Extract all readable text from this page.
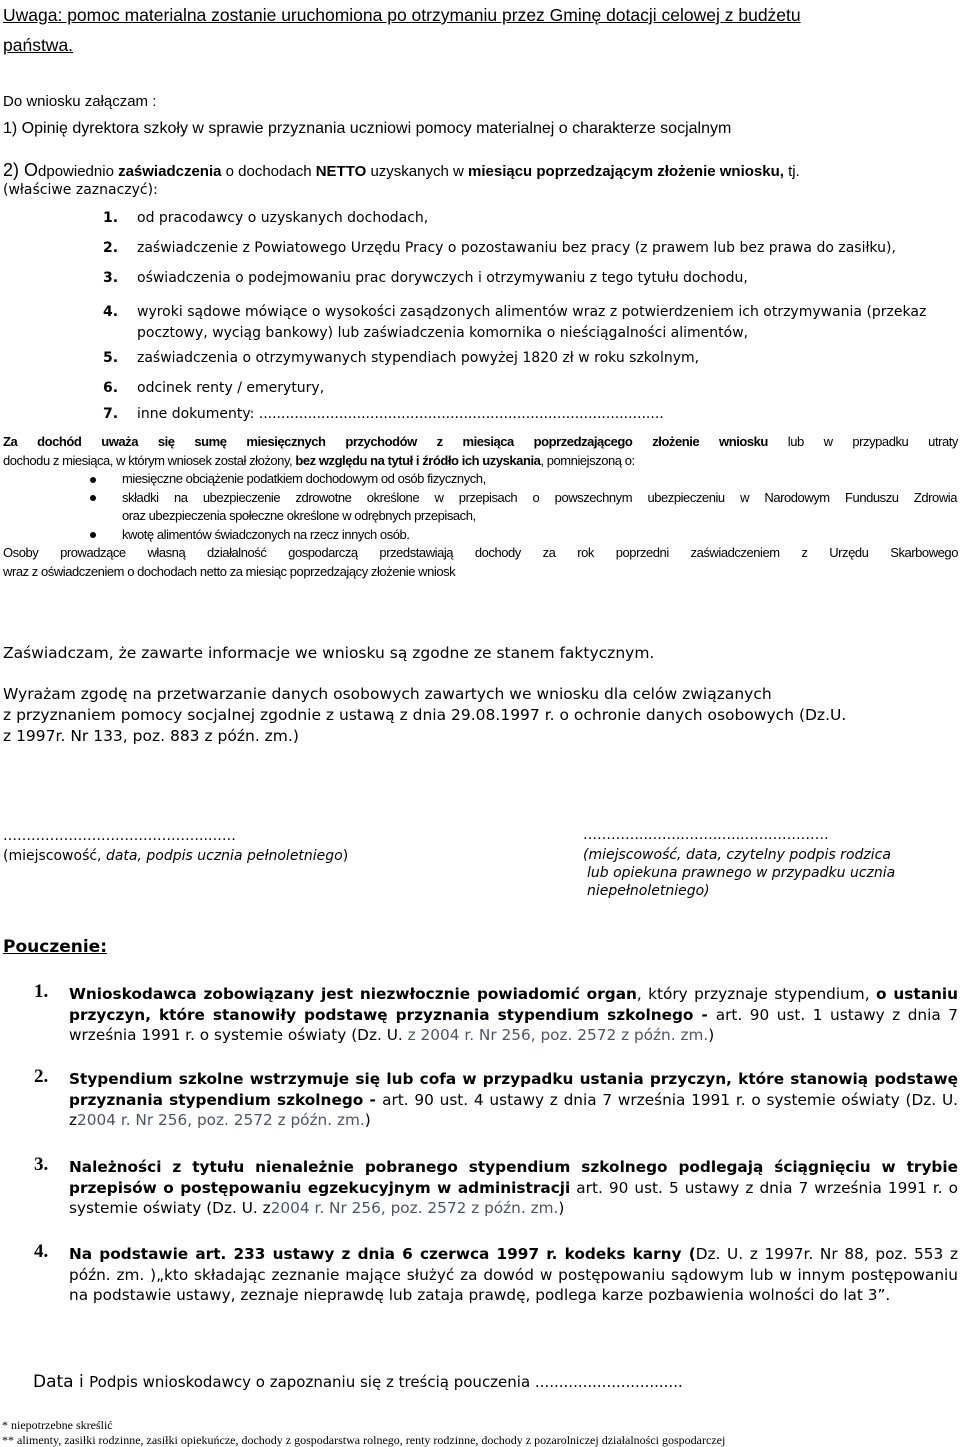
Uwaga: pomoc materialna zostanie uruchomiona po otrzymaniu przez Gminę dotacji celowej z budżetu
państwa.
Do wniosku załączam :
1) Opinię dyrektora szkoły w sprawie przyznania uczniowi pomocy materialnej o charakterze socjalnym
2) Odpowiednio zaświadczenia o dochodach NETTO uzyskanych w miesiącu poprzedzającym złożenie wniosku, tj.
(właściwe zaznaczyć):
1. od pracodawcy o uzyskanych dochodach,
2. zaświadczenie z Powiatowego Urzędu Pracy o pozostawaniu bez pracy (z prawem lub bez prawa do zasiłku),
3. oświadczenia o podejmowaniu prac dorywczych i otrzymywaniu z tego tytułu dochodu,
4. wyroki sądowe mówiące o wysokości zasądzonych alimentów wraz z potwierdzeniem ich otrzymywania (przekaz pocztowy, wyciąg bankowy) lub zaświadczenia komornika o nieściągalności alimentów,
5. zaświadczenia o otrzymywanych stypendiach powyżej 1820 zł w roku szkolnym,
6. odcinek renty / emerytury,
7. inne dokumenty: ...........................................................................................

Za dochód uważa się sumę miesięcznych przychodów z miesiąca poprzedzającego złożenie wniosku lub w przypadku utraty

dochodu z miesiąca, w którym wniosek został złożony, bez względu na tytuł i źródło ich uzyskania, pomniejszoną o:

miesięczne obciążenie podatkiem dochodowym od osób fizycznych,
składki na ubezpieczenie zdrowotne określone w przepisach o powszechnym ubezpieczeniu w Narodowym Funduszu Zdrowia
oraz ubezpieczenia społeczne określone w odrębnych przepisach,
kwotę alimentów świadczonych na rzecz innych osób.

Osoby prowadzące własną działalność gospodarczą przedstawiają dochody za rok poprzedni zaświadczeniem z Urzędu Skarbowego

wraz z oświadczeniem o dochodach netto za miesiąc poprzedzający złożenie wniosk

Zaświadczam, że zawarte informacje we wniosku są zgodne ze stanem faktycznym.
Wyrażam zgodę na przetwarzanie danych osobowych zawartych we wniosku dla celów związanych
z przyznaniem pomocy socjalnej zgodnie z ustawą z dnia 29.08.1997 r. o ochronie danych osobowych (Dz.U.
z 1997r. Nr 133, poz. 883 z późn. zm.)
……………………………………..……
(miejscowość, data, podpis ucznia pełnoletniego)
…………..……..……..…..………………
(miejscowość, data, czytelny podpis rodzica
lub opiekuna prawnego w przypadku ucznia
niepełnoletniego)
Pouczenie:
1. Wnioskodawca zobowiązany jest niezwłocznie powiadomić organ, który przyznaje stypendium, o ustaniu przyczyn, które stanowiły podstawę przyznania stypendium szkolnego - art. 90 ust. 1 ustawy z dnia 7 września 1991 r. o systemie oświaty (Dz. U. z 2004 r. Nr 256, poz. 2572 z późn. zm.)
2. Stypendium szkolne wstrzymuje się lub cofa w przypadku ustania przyczyn, które stanowią podstawę przyznania stypendium szkolnego - art. 90 ust. 4 ustawy z dnia 7 września 1991 r. o systemie oświaty (Dz. U. z2004 r. Nr 256, poz. 2572 z późn. zm.)
3. Należności z tytułu nienależnie pobranego stypendium szkolnego podlegają ściągnięciu w trybie przepisów o postępowaniu egzekucyjnym w administracji art. 90 ust. 5 ustawy z dnia 7 września 1991 r. o systemie oświaty (Dz. U. z2004 r. Nr 256, poz. 2572 z późn. zm.)
4. Na podstawie art. 233 ustawy z dnia 6 czerwca 1997 r. kodeks karny (Dz. U. z 1997r. Nr 88, poz. 553 z późn. zm. )„kto składając zeznanie mające służyć za dowód w postępowaniu sądowym lub w innym postępowaniu na podstawie ustawy, zeznaje nieprawdę lub zataja prawdę, podlega karze pozbawienia wolności do lat 3”.
Data i Podpis wnioskodawcy o zapoznaniu się z treścią pouczenia ...............................
* niepotrzebne skreślić
** alimenty, zasiłki rodzinne, zasiłki opiekuńcze, dochody z gospodarstwa rolnego, renty rodzinne, dochody z pozarolniczej działalności gospodarczej
